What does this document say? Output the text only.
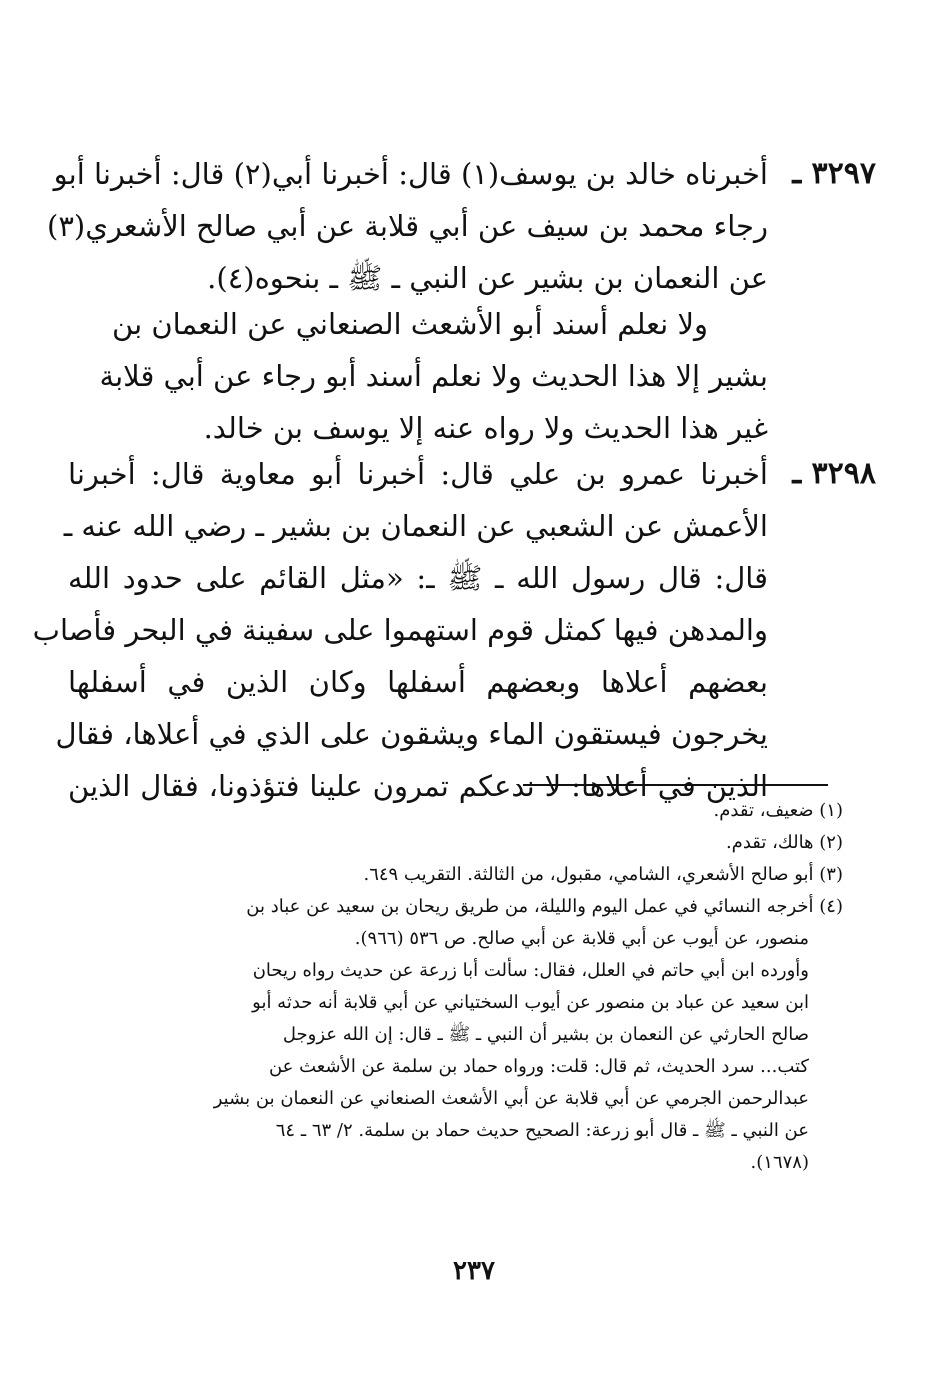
٣٢٩٧ ـ
أخبرناه خالد بن يوسف(١) قال: أخبرنا أبي(٢) قال: أخبرنا أبو
رجاء محمد بن سيف عن أبي قلابة عن أبي صالح الأشعري(٣)
عن النعمان بن بشير عن النبي ـ ﷺ ـ بنحوه(٤).
ولا نعلم أسند أبو الأشعث الصنعاني عن النعمان بن
بشير إلا هذا الحديث ولا نعلم أسند أبو رجاء عن أبي قلابة
غير هذا الحديث ولا رواه عنه إلا يوسف بن خالد.
٣٢٩٨ ـ
أخبرنا عمرو بن علي قال: أخبرنا أبو معاوية قال: أخبرنا
الأعمش عن الشعبي عن النعمان بن بشير ـ رضي الله عنه ـ
قال: قال رسول الله ـ ﷺ ـ: «مثل القائم على حدود الله
والمدهن فيها كمثل قوم استهموا على سفينة في البحر فأصاب
بعضهم أعلاها وبعضهم أسفلها وكان الذين في أسفلها
يخرجون فيستقون الماء ويشقون على الذي في أعلاها، فقال
الذين في أعلاها: لا ندعكم تمرون علينا فتؤذونا، فقال الذين
(١) ضعيف، تقدم.
(٢) هالك، تقدم.
(٣) أبو صالح الأشعري، الشامي، مقبول، من الثالثة. التقريب ٦٤٩.
(٤) أخرجه النسائي في عمل اليوم والليلة، من طريق ريحان بن سعيد عن عباد بن
منصور، عن أيوب عن أبي قلابة عن أبي صالح. ص ٥٣٦ (٩٦٦).
وأورده ابن أبي حاتم في العلل، فقال: سألت أبا زرعة عن حديث رواه ريحان
ابن سعيد عن عباد بن منصور عن أيوب السختياني عن أبي قلابة أنه حدثه أبو
صالح الحارثي عن النعمان بن بشير أن النبي ـ ﷺ ـ قال: إن الله عزوجل
كتب... سرد الحديث، ثم قال: قلت: ورواه حماد بن سلمة عن الأشعث عن
عبدالرحمن الجرمي عن أبي قلابة عن أبي الأشعث الصنعاني عن النعمان بن بشير
عن النبي ـ ﷺ ـ قال أبو زرعة: الصحيح حديث حماد بن سلمة. ٢/ ٦٣ ـ ٦٤
(١٦٧٨).
٢٣٧
